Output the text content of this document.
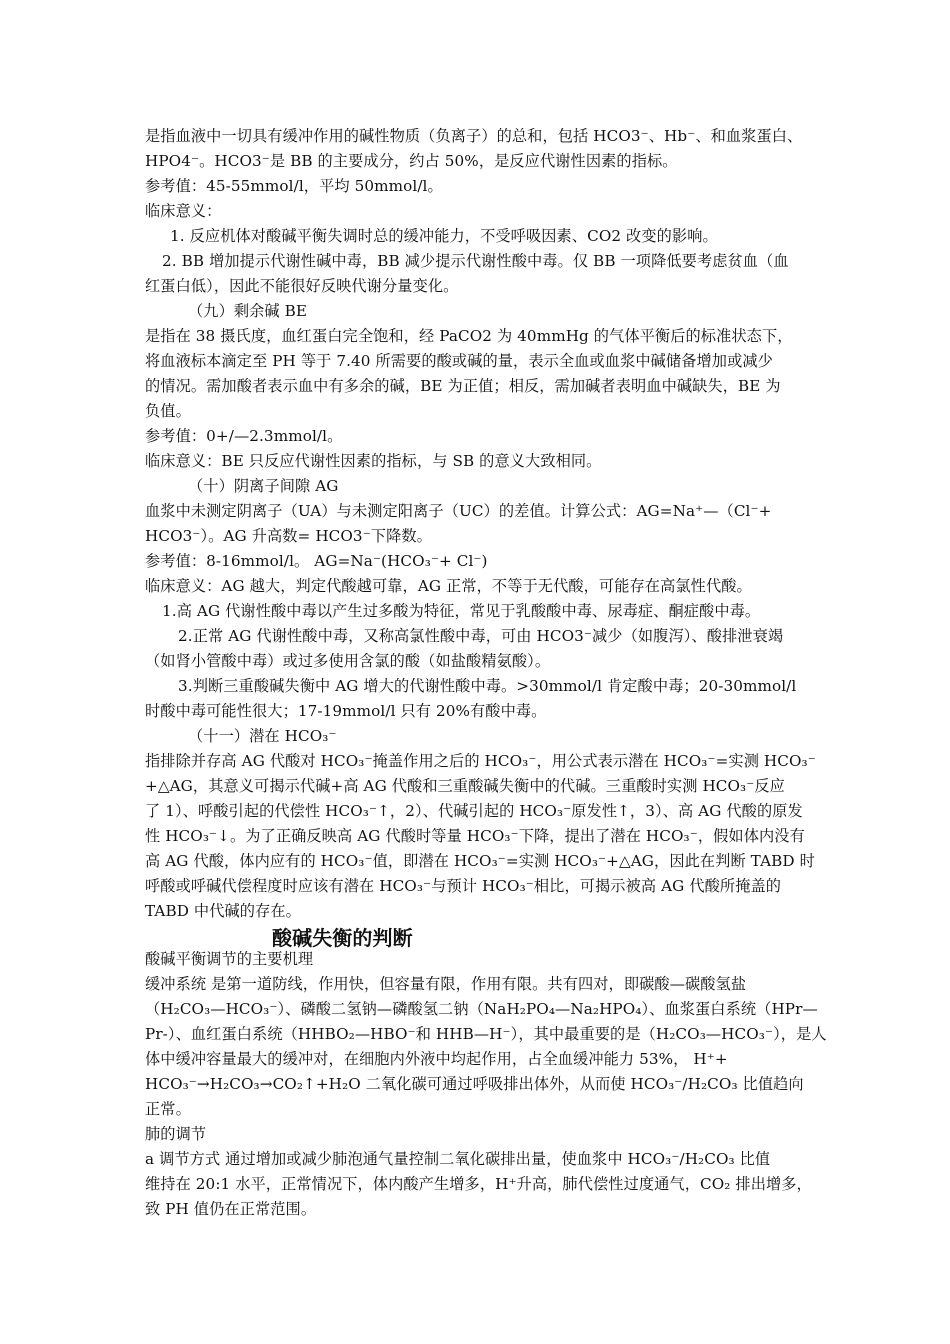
是指血液中一切具有缓冲作用的碱性物质（负离子）的总和，包括 HCO3⁻、Hb⁻、和血浆蛋白、
HPO4⁻。HCO3⁻是 BB 的主要成分，约占 50%，是反应代谢性因素的指标。
参考值：45-55mmol/l，平均 50mmol/l。
临床意义：
1. 反应机体对酸碱平衡失调时总的缓冲能力，不受呼吸因素、CO2 改变的影响。
2. BB 增加提示代谢性碱中毒，BB 减少提示代谢性酸中毒。仅 BB 一项降低要考虑贫血（血
红蛋白低），因此不能很好反映代谢分量变化。
（九）剩余碱 BE
是指在 38 摄氏度，血红蛋白完全饱和，经 PaCO2 为 40mmHg 的气体平衡后的标准状态下，
将血液标本滴定至 PH 等于 7.40 所需要的酸或碱的量，表示全血或血浆中碱储备增加或减少
的情况。需加酸者表示血中有多余的碱，BE 为正值；相反，需加碱者表明血中碱缺失，BE 为
负值。
参考值：0+/—2.3mmol/l。
临床意义：BE 只反应代谢性因素的指标，与 SB 的意义大致相同。
（十）阴离子间隙 AG
血浆中未测定阴离子（UA）与未测定阳离子（UC）的差值。计算公式：AG=Na⁺—（Cl⁻+
HCO3⁻）。AG 升高数= HCO3⁻下降数。
参考值：8-16mmol/l。 AG=Na⁻(HCO₃⁻+ Cl⁻)
临床意义：AG 越大，判定代酸越可靠，AG 正常，不等于无代酸，可能存在高氯性代酸。
1.高 AG 代谢性酸中毒以产生过多酸为特征，常见于乳酸酸中毒、尿毒症、酮症酸中毒。
2.正常 AG 代谢性酸中毒，又称高氯性酸中毒，可由 HCO3⁻减少（如腹泻）、酸排泄衰竭
（如肾小管酸中毒）或过多使用含氯的酸（如盐酸精氨酸）。
3.判断三重酸碱失衡中 AG 增大的代谢性酸中毒。>30mmol/l 肯定酸中毒；20-30mmol/l
时酸中毒可能性很大；17-19mmol/l 只有 20%有酸中毒。
（十一）潜在 HCO₃⁻
指排除并存高 AG 代酸对 HCO₃⁻掩盖作用之后的 HCO₃⁻，用公式表示潜在 HCO₃⁻=实测 HCO₃⁻
+△AG，其意义可揭示代碱+高 AG 代酸和三重酸碱失衡中的代碱。三重酸时实测 HCO₃⁻反应
了 1）、呼酸引起的代偿性 HCO₃⁻↑，2）、代碱引起的 HCO₃⁻原发性↑，3）、高 AG 代酸的原发
性 HCO₃⁻↓。为了正确反映高 AG 代酸时等量 HCO₃⁻下降，提出了潜在 HCO₃⁻，假如体内没有
高 AG 代酸，体内应有的 HCO₃⁻值，即潜在 HCO₃⁻=实测 HCO₃⁻+△AG，因此在判断 TABD 时
呼酸或呼碱代偿程度时应该有潜在 HCO₃⁻与预计 HCO₃⁻相比，可揭示被高 AG 代酸所掩盖的
TABD 中代碱的存在。
酸碱失衡的判断
酸碱平衡调节的主要机理
缓冲系统 是第一道防线，作用快，但容量有限，作用有限。共有四对，即碳酸—碳酸氢盐
（H₂CO₃—HCO₃⁻）、磷酸二氢钠—磷酸氢二钠（NaH₂PO₄—Na₂HPO₄）、血浆蛋白系统（HPr—
Pr-）、血红蛋白系统（HHBO₂—HBO⁻和 HHB—H⁻），其中最重要的是（H₂CO₃—HCO₃⁻），是人
体中缓冲容量最大的缓冲对，在细胞内外液中均起作用，占全血缓冲能力 53%， H⁺+
HCO₃⁻→H₂CO₃→CO₂↑+H₂O 二氧化碳可通过呼吸排出体外，从而使 HCO₃⁻/H₂CO₃ 比值趋向
正常。
肺的调节
a 调节方式 通过增加或减少肺泡通气量控制二氧化碳排出量，使血浆中 HCO₃⁻/H₂CO₃ 比值
维持在 20:1 水平，正常情况下，体内酸产生增多，H⁺升高，肺代偿性过度通气，CO₂ 排出增多，
致 PH 值仍在正常范围。
